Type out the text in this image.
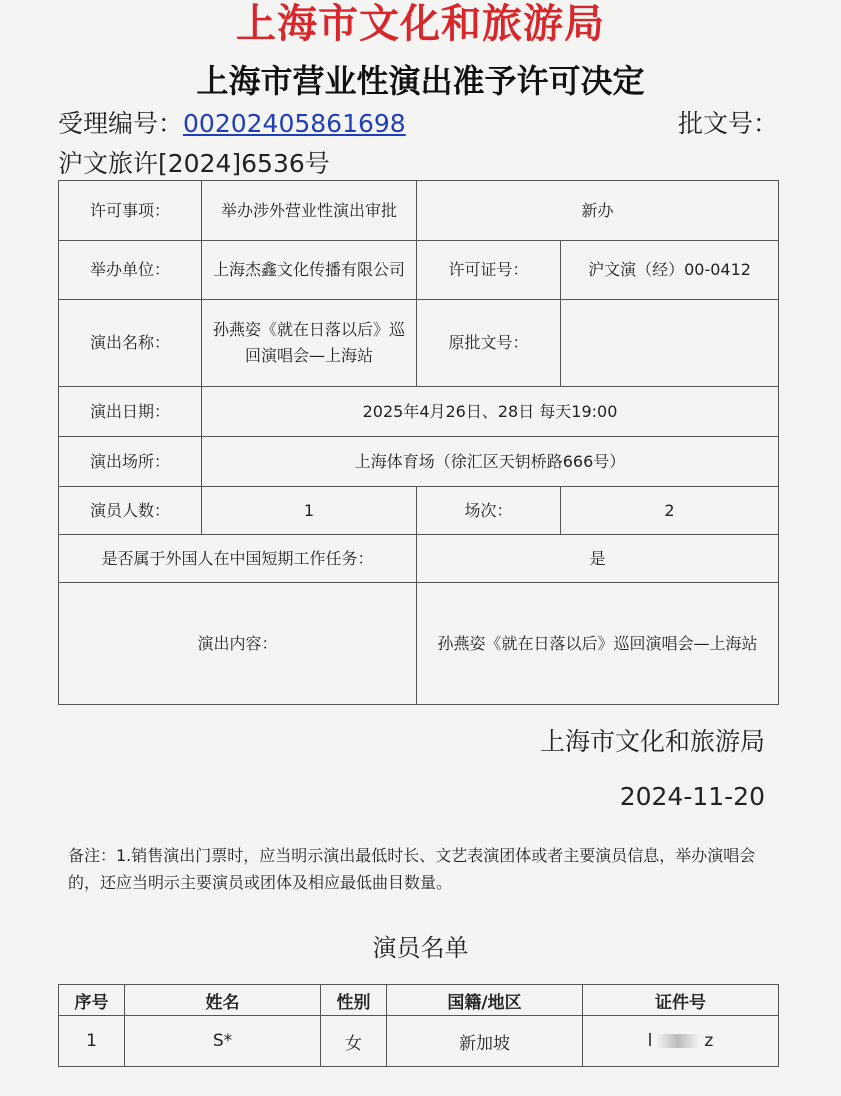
上海市文化和旅游局
上海市营业性演出准予许可决定
受理编号：00202405861698	批文号：
沪文旅许[2024]6536号
许可事项：	举办涉外营业性演出审批	新办	
举办单位：	上海杰鑫文化传播有限公司	许可证号：	沪文演（经）00-0412
演出名称：	孙燕姿《就在日落以后》巡回演唱会—上海站	原批文号：	
演出日期：	2025年4月26日、28日 每天19:00		
演出场所：	上海体育场（徐汇区天钥桥路666号）		
演员人数：	1	场次：	2
是否属于外国人在中国短期工作任务：		是	
演出内容：		孙燕姿《就在日落以后》巡回演唱会—上海站	
上海市文化和旅游局
2024-11-20
备注：1.销售演出门票时，应当明示演出最低时长、文艺表演团体或者主要演员信息，举办演唱会的，还应当明示主要演员或团体及相应最低曲目数量。
演员名单
序号	姓名	性别	国籍/地区	证件号
1	S*	女	新加坡	l z
